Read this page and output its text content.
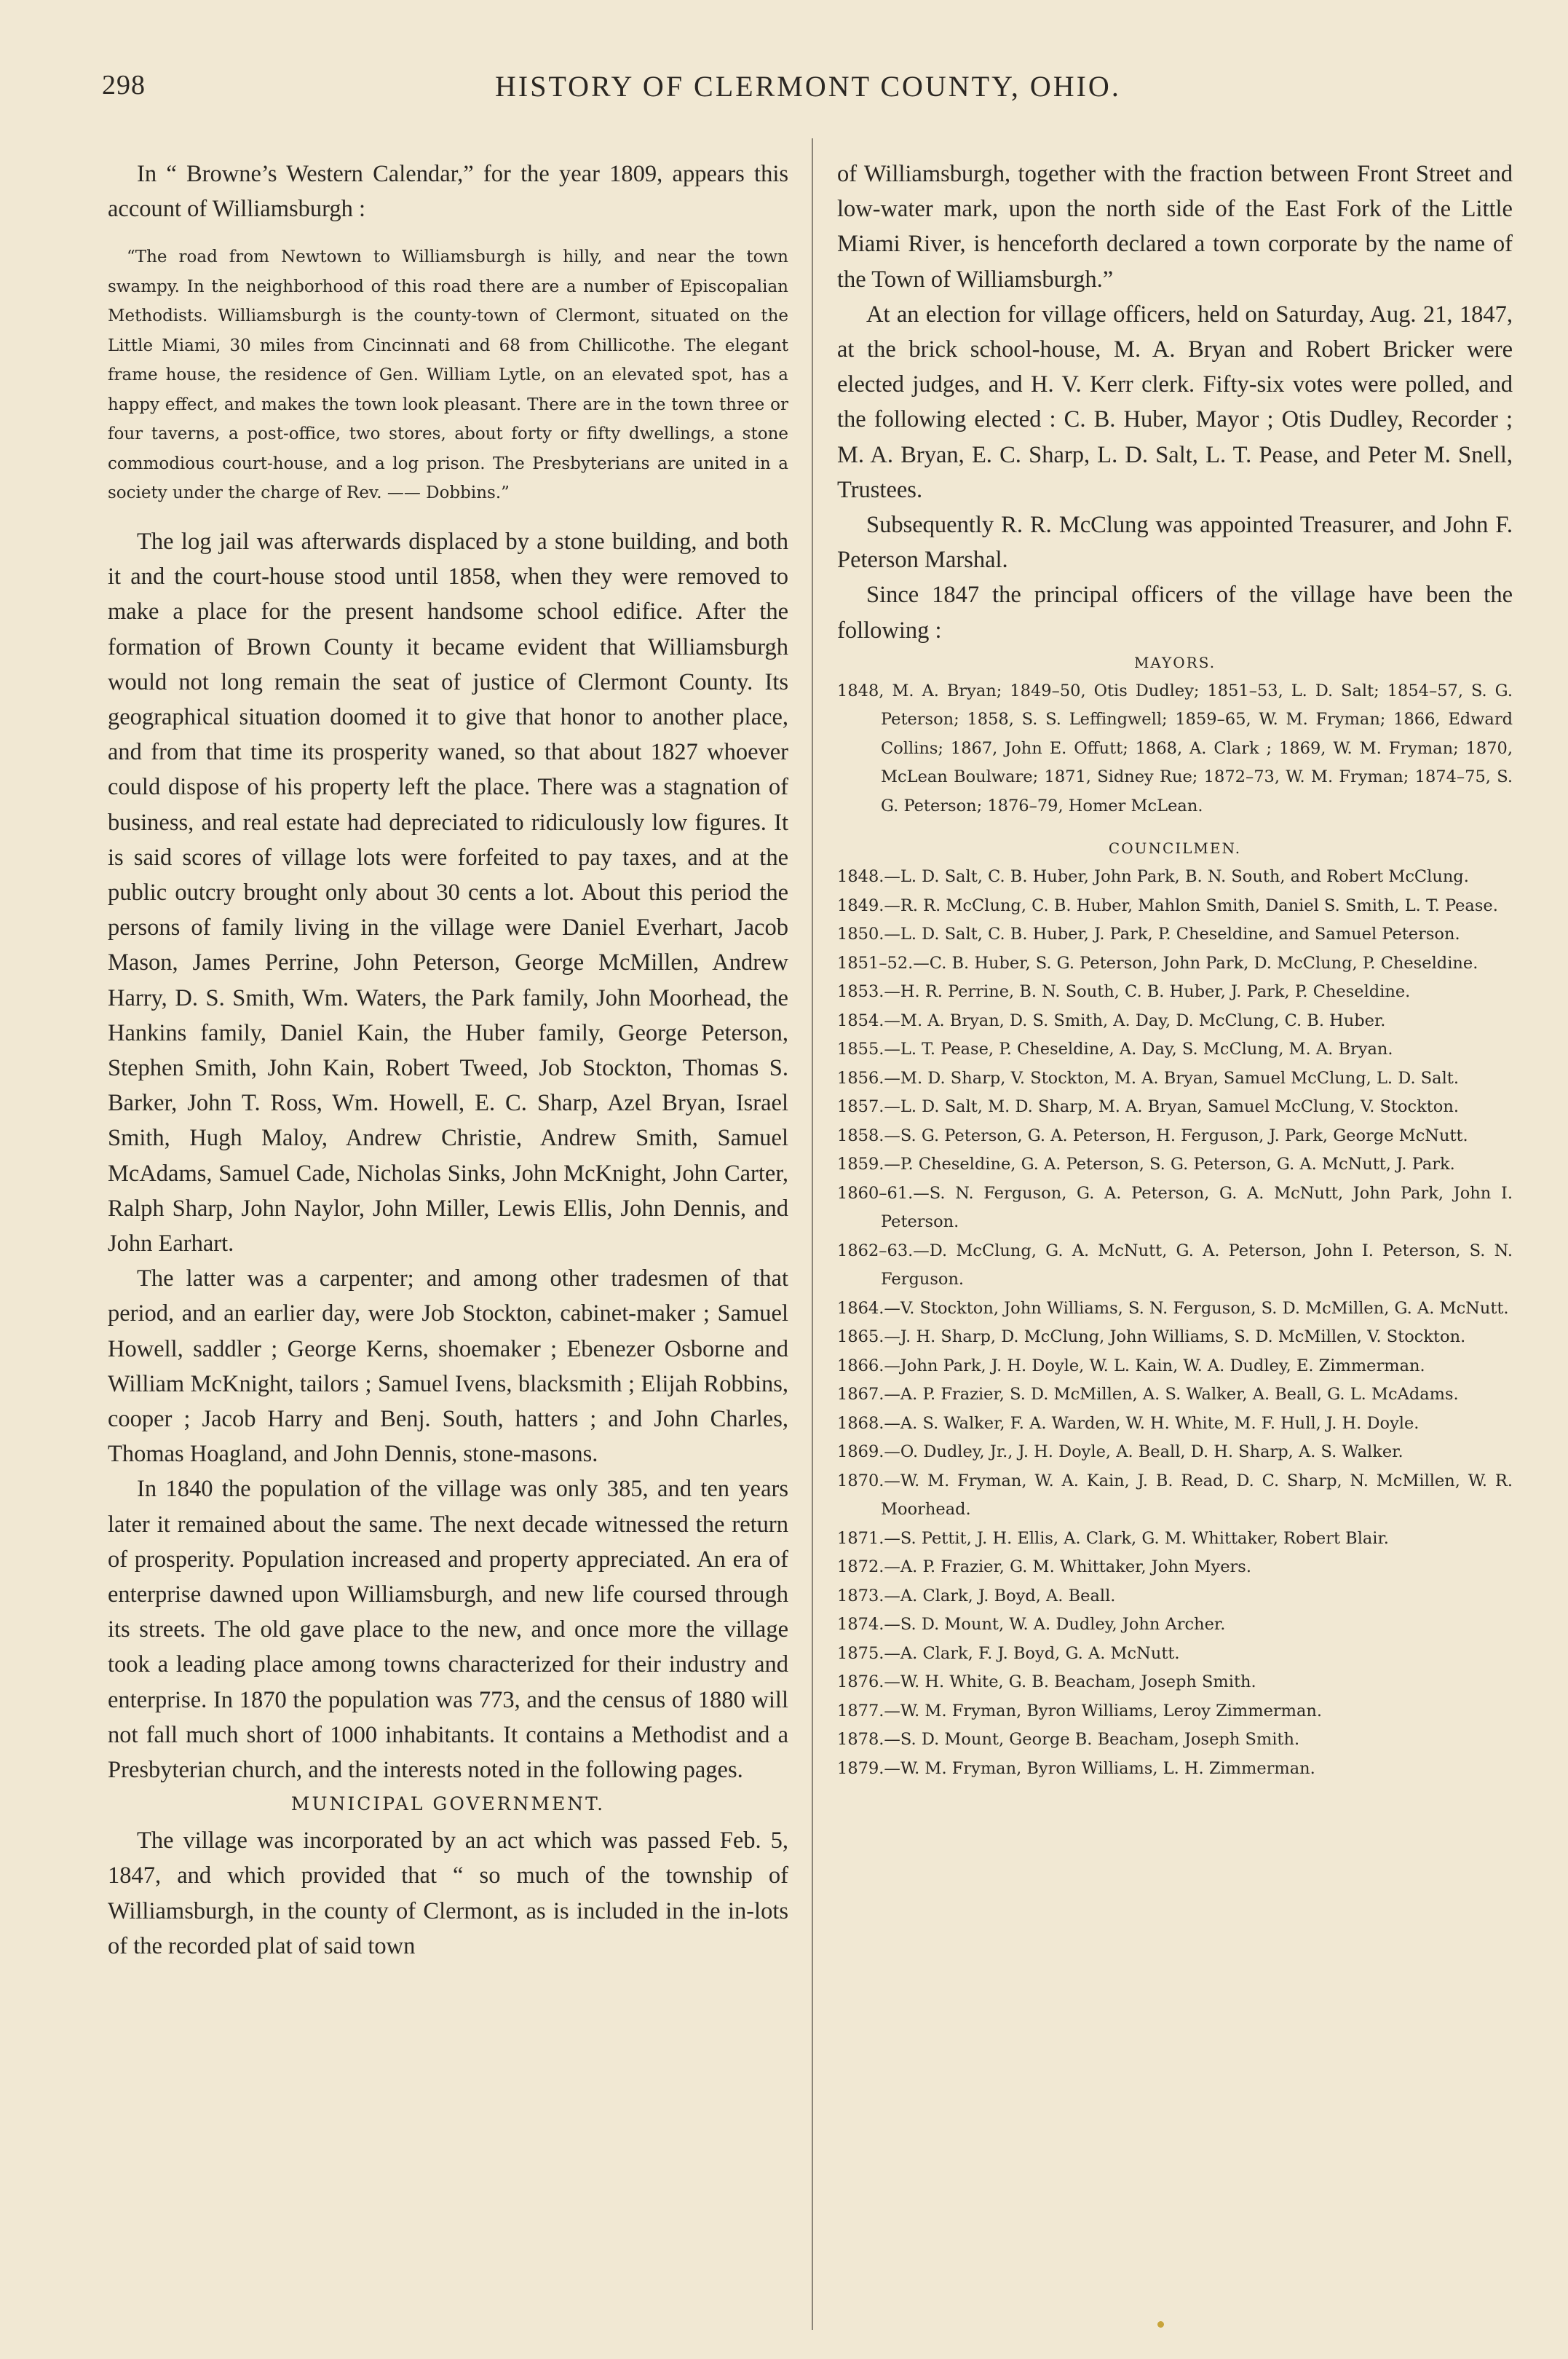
298	HISTORY OF CLERMONT COUNTY, OHIO.

In “ Browne’s Western Calendar,” for the year 1809, appears this account of Williamsburgh :

“The road from Newtown to Williamsburgh is hilly, and near the town swampy. In the neighborhood of this road there are a number of Episcopalian Methodists. Williamsburgh is the county-town of Clermont, situated on the Little Miami, 30 miles from Cincinnati and 68 from Chillicothe. The elegant frame house, the residence of Gen. William Lytle, on an elevated spot, has a happy effect, and makes the town look pleasant. There are in the town three or four taverns, a post-office, two stores, about forty or fifty dwellings, a stone commodious court-house, and a log prison. The Presbyterians are united in a society under the charge of Rev. —— Dobbins.”

The log jail was afterwards displaced by a stone building, and both it and the court-house stood until 1858, when they were removed to make a place for the present handsome school edifice. After the formation of Brown County it became evident that Williamsburgh would not long remain the seat of justice of Clermont County. Its geographical situation doomed it to give that honor to another place, and from that time its prosperity waned, so that about 1827 whoever could dispose of his property left the place. There was a stagnation of business, and real estate had depreciated to ridiculously low figures. It is said scores of village lots were forfeited to pay taxes, and at the public outcry brought only about 30 cents a lot. About this period the persons of family living in the village were Daniel Everhart, Jacob Mason, James Perrine, John Peterson, George McMillen, Andrew Harry, D. S. Smith, Wm. Waters, the Park family, John Moorhead, the Hankins family, Daniel Kain, the Huber family, George Peterson, Stephen Smith, John Kain, Robert Tweed, Job Stockton, Thomas S. Barker, John T. Ross, Wm. Howell, E. C. Sharp, Azel Bryan, Israel Smith, Hugh Maloy, Andrew Christie, Andrew Smith, Samuel McAdams, Samuel Cade, Nicholas Sinks, John McKnight, John Carter, Ralph Sharp, John Naylor, John Miller, Lewis Ellis, John Dennis, and John Earhart.

The latter was a carpenter; and among other tradesmen of that period, and an earlier day, were Job Stockton, cabinet-maker ; Samuel Howell, saddler ; George Kerns, shoemaker ; Ebenezer Osborne and William McKnight, tailors ; Samuel Ivens, blacksmith ; Elijah Robbins, cooper ; Jacob Harry and Benj. South, hatters ; and John Charles, Thomas Hoagland, and John Dennis, stone-masons.

In 1840 the population of the village was only 385, and ten years later it remained about the same. The next decade witnessed the return of prosperity. Population increased and property appreciated. An era of enterprise dawned upon Williamsburgh, and new life coursed through its streets. The old gave place to the new, and once more the village took a leading place among towns characterized for their industry and enterprise. In 1870 the population was 773, and the census of 1880 will not fall much short of 1000 inhabitants. It contains a Methodist and a Presbyterian church, and the interests noted in the following pages.

MUNICIPAL GOVERNMENT.

The village was incorporated by an act which was passed Feb. 5, 1847, and which provided that “ so much of the township of Williamsburgh, in the county of Clermont, as is included in the in-lots of the recorded plat of said town

of Williamsburgh, together with the fraction between Front Street and low-water mark, upon the north side of the East Fork of the Little Miami River, is henceforth declared a town corporate by the name of the Town of Williamsburgh.”

At an election for village officers, held on Saturday, Aug. 21, 1847, at the brick school-house, M. A. Bryan and Robert Bricker were elected judges, and H. V. Kerr clerk. Fifty-six votes were polled, and the following elected : C. B. Huber, Mayor ; Otis Dudley, Recorder ; M. A. Bryan, E. C. Sharp, L. D. Salt, L. T. Pease, and Peter M. Snell, Trustees.

Subsequently R. R. McClung was appointed Treasurer, and John F. Peterson Marshal.

Since 1847 the principal officers of the village have been the following :

MAYORS.

1848, M. A. Bryan; 1849–50, Otis Dudley; 1851–53, L. D. Salt; 1854–57, S. G. Peterson; 1858, S. S. Leffingwell; 1859–65, W. M. Fryman; 1866, Edward Collins; 1867, John E. Offutt; 1868, A. Clark ; 1869, W. M. Fryman; 1870, McLean Boulware; 1871, Sidney Rue; 1872–73, W. M. Fryman; 1874–75, S. G. Peterson; 1876–79, Homer McLean.

COUNCILMEN.

1848.—L. D. Salt, C. B. Huber, John Park, B. N. South, and Robert McClung.

1849.—R. R. McClung, C. B. Huber, Mahlon Smith, Daniel S. Smith, L. T. Pease.

1850.—L. D. Salt, C. B. Huber, J. Park, P. Cheseldine, and Samuel Peterson.

1851–52.—C. B. Huber, S. G. Peterson, John Park, D. McClung, P. Cheseldine.

1853.—H. R. Perrine, B. N. South, C. B. Huber, J. Park, P. Cheseldine.

1854.—M. A. Bryan, D. S. Smith, A. Day, D. McClung, C. B. Huber.

1855.—L. T. Pease, P. Cheseldine, A. Day, S. McClung, M. A. Bryan.

1856.—M. D. Sharp, V. Stockton, M. A. Bryan, Samuel McClung, L. D. Salt.

1857.—L. D. Salt, M. D. Sharp, M. A. Bryan, Samuel McClung, V. Stockton.

1858.—S. G. Peterson, G. A. Peterson, H. Ferguson, J. Park, George McNutt.

1859.—P. Cheseldine, G. A. Peterson, S. G. Peterson, G. A. McNutt, J. Park.

1860–61.—S. N. Ferguson, G. A. Peterson, G. A. McNutt, John Park, John I. Peterson.

1862–63.—D. McClung, G. A. McNutt, G. A. Peterson, John I. Peterson, S. N. Ferguson.

1864.—V. Stockton, John Williams, S. N. Ferguson, S. D. McMillen, G. A. McNutt.

1865.—J. H. Sharp, D. McClung, John Williams, S. D. McMillen, V. Stockton.

1866.—John Park, J. H. Doyle, W. L. Kain, W. A. Dudley, E. Zimmerman.

1867.—A. P. Frazier, S. D. McMillen, A. S. Walker, A. Beall, G. L. McAdams.

1868.—A. S. Walker, F. A. Warden, W. H. White, M. F. Hull, J. H. Doyle.

1869.—O. Dudley, Jr., J. H. Doyle, A. Beall, D. H. Sharp, A. S. Walker.

1870.—W. M. Fryman, W. A. Kain, J. B. Read, D. C. Sharp, N. McMillen, W. R. Moorhead.

1871.—S. Pettit, J. H. Ellis, A. Clark, G. M. Whittaker, Robert Blair.

1872.—A. P. Frazier, G. M. Whittaker, John Myers.

1873.—A. Clark, J. Boyd, A. Beall.

1874.—S. D. Mount, W. A. Dudley, John Archer.

1875.—A. Clark, F. J. Boyd, G. A. McNutt.

1876.—W. H. White, G. B. Beacham, Joseph Smith.

1877.—W. M. Fryman, Byron Williams, Leroy Zimmerman.

1878.—S. D. Mount, George B. Beacham, Joseph Smith.

1879.—W. M. Fryman, Byron Williams, L. H. Zimmerman.
